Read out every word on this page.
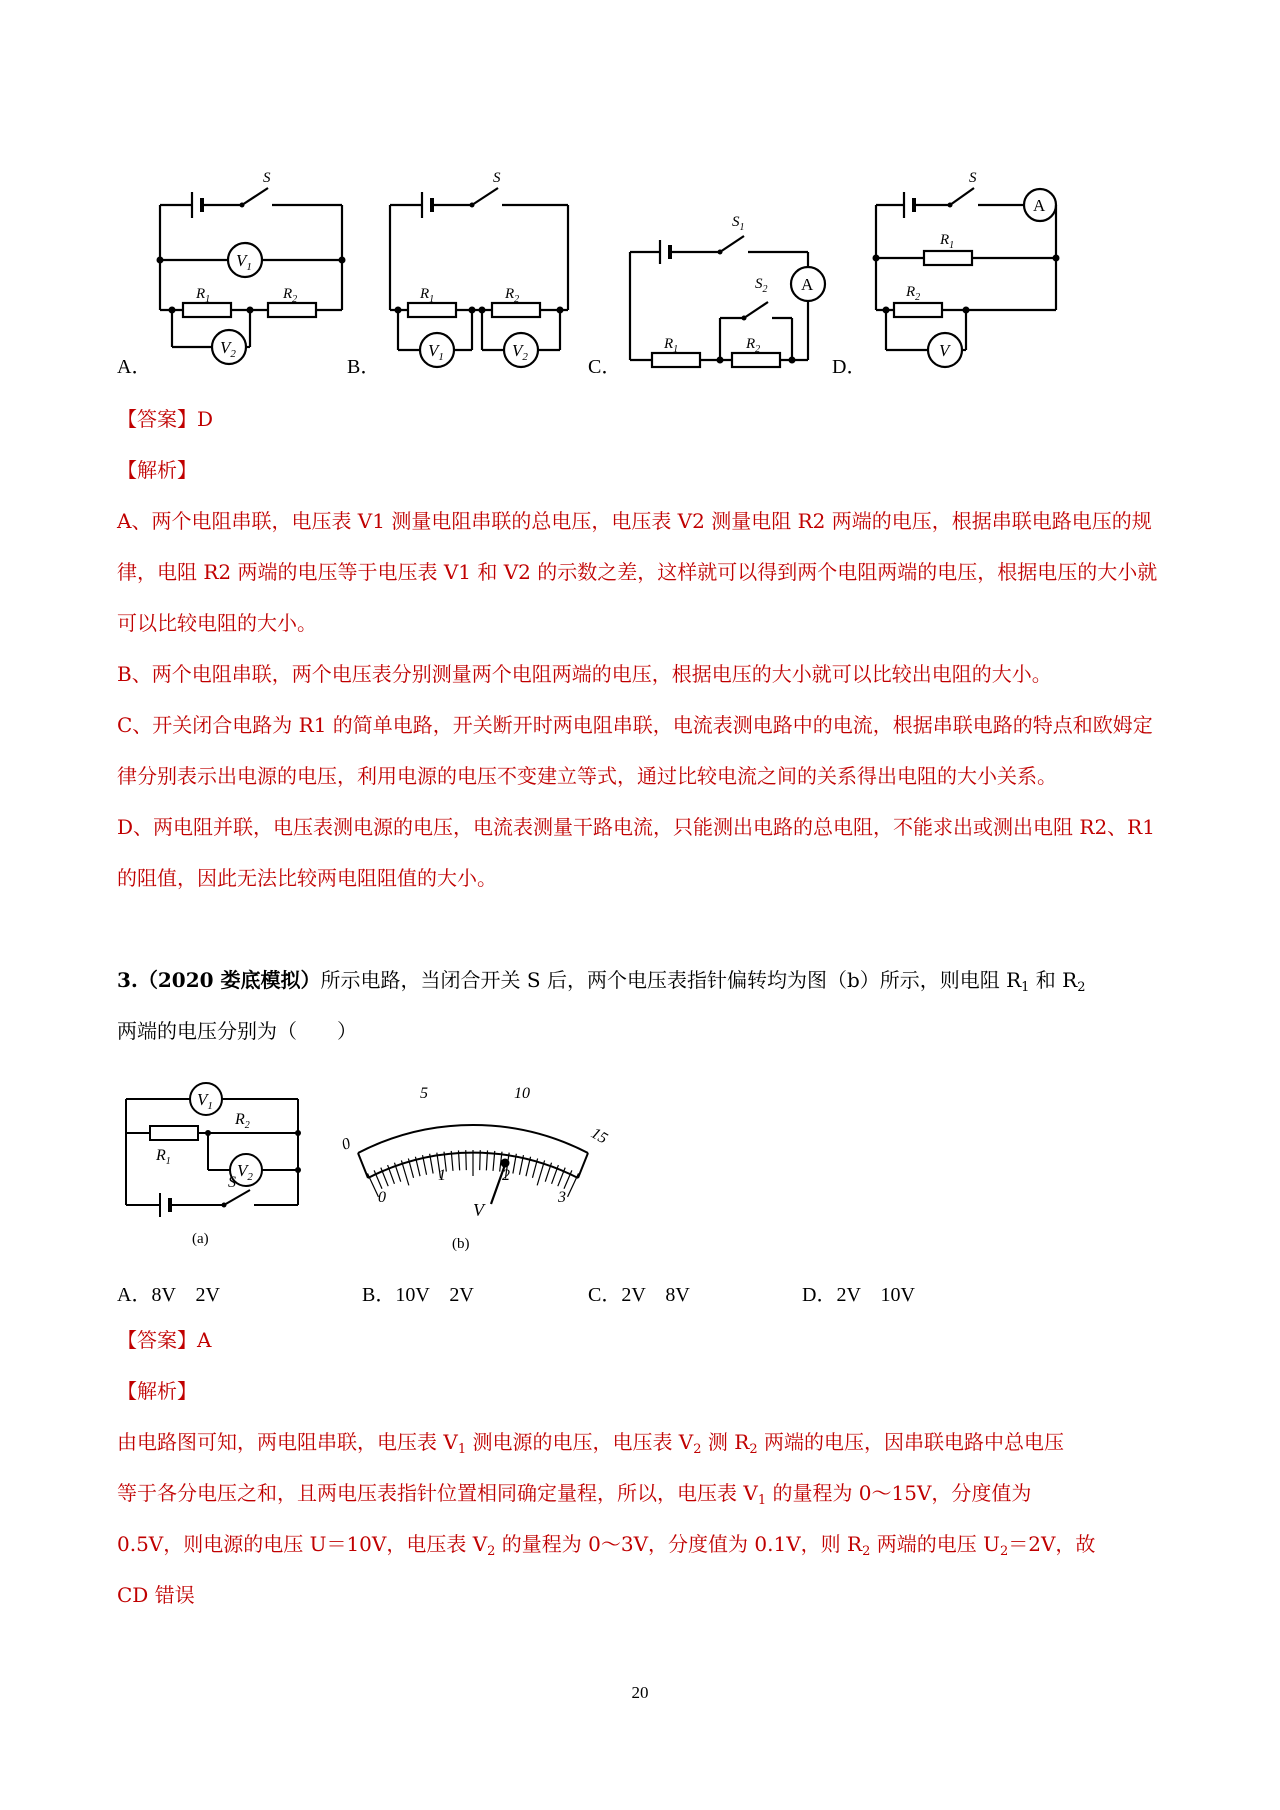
S
$V_1$
$R_1$	$R_2$
$V_2$
A．
S
$R_1$	$R_2$
$V_1$	$V_2$
B．
$S_1$
$S_2$ A
$R_1$	$R_2$
C．
S
A
$R_1$
$R_2$
V
D．

【答案】D

【解析】

A、两个电阻串联，电压表 V1 测量电阻串联的总电压，电压表 V2 测量电阻 R2 两端的电压，根据串联电路电压的规律，电阻 R2 两端的电压等于电压表 V1 和 V2 的示数之差，这样就可以得到两个电阻两端的电压，根据电压的大小就可以比较电阻的大小。

B、两个电阻串联，两个电压表分别测量两个电阻两端的电压，根据电压的大小就可以比较出电阻的大小。

C、开关闭合电路为 R1 的简单电路，开关断开时两电阻串联，电流表测电路中的电流，根据串联电路的特点和欧姆定律分别表示出电源的电压，利用电源的电压不变建立等式，通过比较电流之间的关系得出电阻的大小关系。

D、两电阻并联，电压表测电源的电压，电流表测量干路电流，只能测出电路的总电阻，不能求出或测出电阻 R2、R1 的阻值，因此无法比较两电阻阻值的大小。

3.（2020 娄底模拟）所示电路，当闭合开关 S 后，两个电压表指针偏转均为图（b）所示，则电阻 $R_1$ 和 $R_2$
两端的电压分别为（　　）
$V_1$
$R_2$
$R_1$	$V_2$
S
(a)
0
5	10
15
0
1	2
3
V
(b)
A．8V　2V	B．10V　2V	C．2V　8V	D．2V　10V

【答案】A

【解析】

由电路图可知，两电阻串联，电压表 $V_1$ 测电源的电压，电压表 $V_2$ 测 $R_2$ 两端的电压，因串联电路中总电压

等于各分电压之和，且两电压表指针位置相同确定量程，所以，电压表 $V_1$ 的量程为 0～15V，分度值为

0.5V，则电源的电压 U＝10V，电压表 $V_2$ 的量程为 0～3V，分度值为 0.1V，则 $R_2$ 两端的电压 $U_2=2V$，故

CD 错误

20
